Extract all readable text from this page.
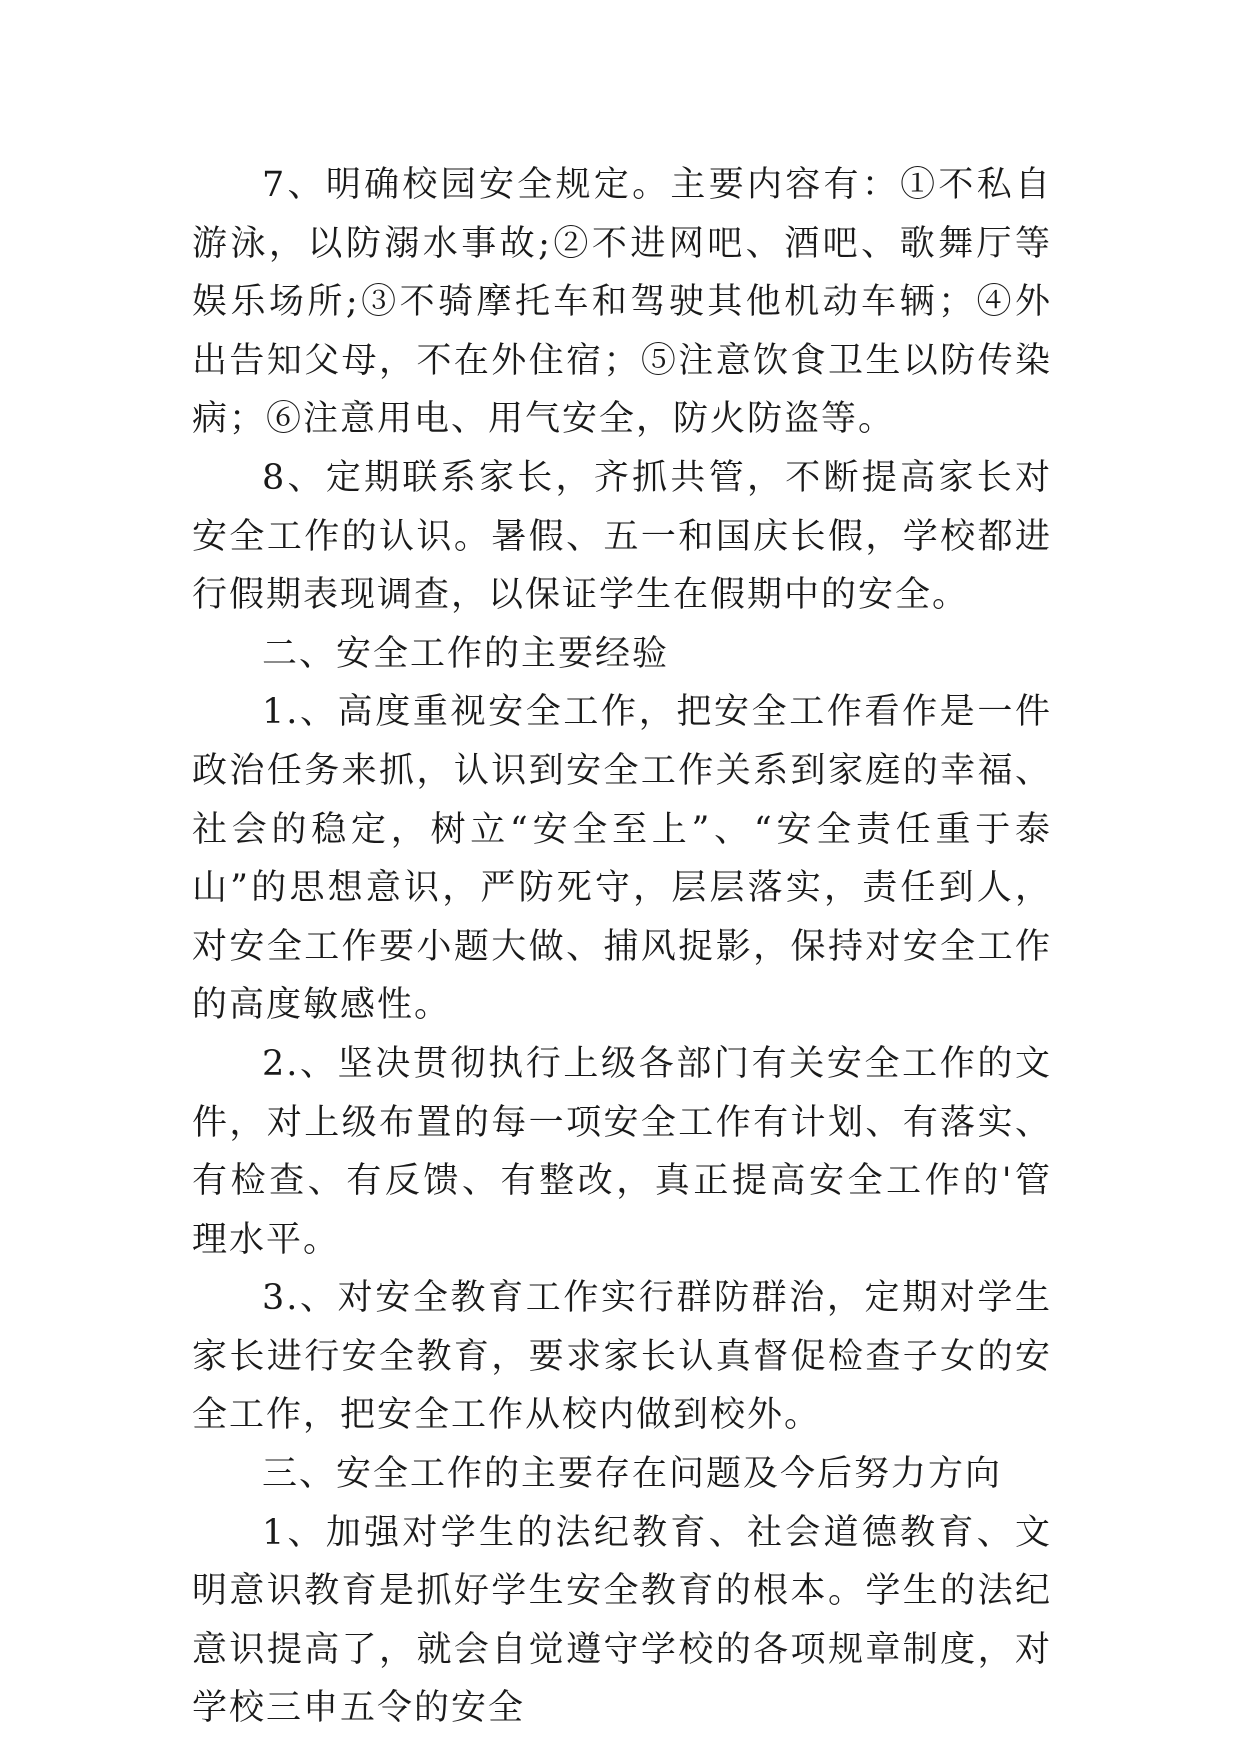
7、明确校园安全规定。主要内容有：①不私自游泳，以防溺水事故;②不进网吧、酒吧、歌舞厅等娱乐场所;③不骑摩托车和驾驶其他机动车辆；④外出告知父母，不在外住宿；⑤注意饮食卫生以防传染病；⑥注意用电、用气安全，防火防盗等。

8、定期联系家长，齐抓共管，不断提高家长对安全工作的认识。暑假、五一和国庆长假，学校都进行假期表现调查，以保证学生在假期中的安全。

二、安全工作的主要经验

1.、高度重视安全工作，把安全工作看作是一件政治任务来抓，认识到安全工作关系到家庭的幸福、社会的稳定，树立“安全至上”、“安全责任重于泰山”的思想意识，严防死守，层层落实，责任到人，对安全工作要小题大做、捕风捉影，保持对安全工作的高度敏感性。

2.、坚决贯彻执行上级各部门有关安全工作的文件，对上级布置的每一项安全工作有计划、有落实、有检查、有反馈、有整改，真正提高安全工作的'管理水平。

3.、对安全教育工作实行群防群治，定期对学生家长进行安全教育，要求家长认真督促检查子女的安全工作，把安全工作从校内做到校外。

三、安全工作的主要存在问题及今后努力方向

1、加强对学生的法纪教育、社会道德教育、文明意识教育是抓好学生安全教育的根本。学生的法纪意识提高了，就会自觉遵守学校的各项规章制度，对学校三申五令的安全
